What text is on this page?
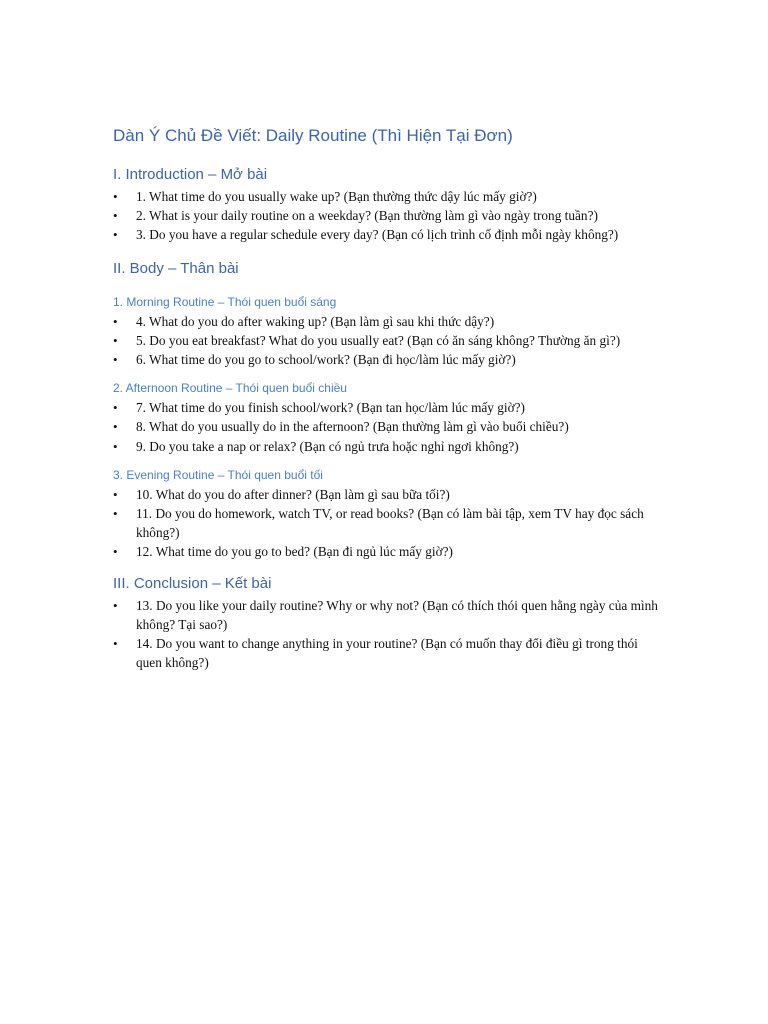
Dàn Ý Chủ Đề Viết: Daily Routine (Thì Hiện Tại Đơn)
I. Introduction – Mở bài
•	1. What time do you usually wake up? (Bạn thường thức dậy lúc mấy giờ?)
•	2. What is your daily routine on a weekday? (Bạn thường làm gì vào ngày trong tuần?)
•	3. Do you have a regular schedule every day? (Bạn có lịch trình cố định mỗi ngày không?)
II. Body – Thân bài
1. Morning Routine – Thói quen buổi sáng
•	4. What do you do after waking up? (Bạn làm gì sau khi thức dậy?)
•	5. Do you eat breakfast? What do you usually eat? (Bạn có ăn sáng không? Thường ăn gì?)
•	6. What time do you go to school/work? (Bạn đi học/làm lúc mấy giờ?)
2. Afternoon Routine – Thói quen buổi chiều
•	7. What time do you finish school/work? (Bạn tan học/làm lúc mấy giờ?)
•	8. What do you usually do in the afternoon? (Bạn thường làm gì vào buổi chiều?)
•	9. Do you take a nap or relax? (Bạn có ngủ trưa hoặc nghỉ ngơi không?)
3. Evening Routine – Thói quen buổi tối
•	10. What do you do after dinner? (Bạn làm gì sau bữa tối?)
•	11. Do you do homework, watch TV, or read books? (Bạn có làm bài tập, xem TV hay đọc sách không?)
•	12. What time do you go to bed? (Bạn đi ngủ lúc mấy giờ?)
III. Conclusion – Kết bài
•	13. Do you like your daily routine? Why or why not? (Bạn có thích thói quen hằng ngày của mình không? Tại sao?)
•	14. Do you want to change anything in your routine? (Bạn có muốn thay đổi điều gì trong thói quen không?)
